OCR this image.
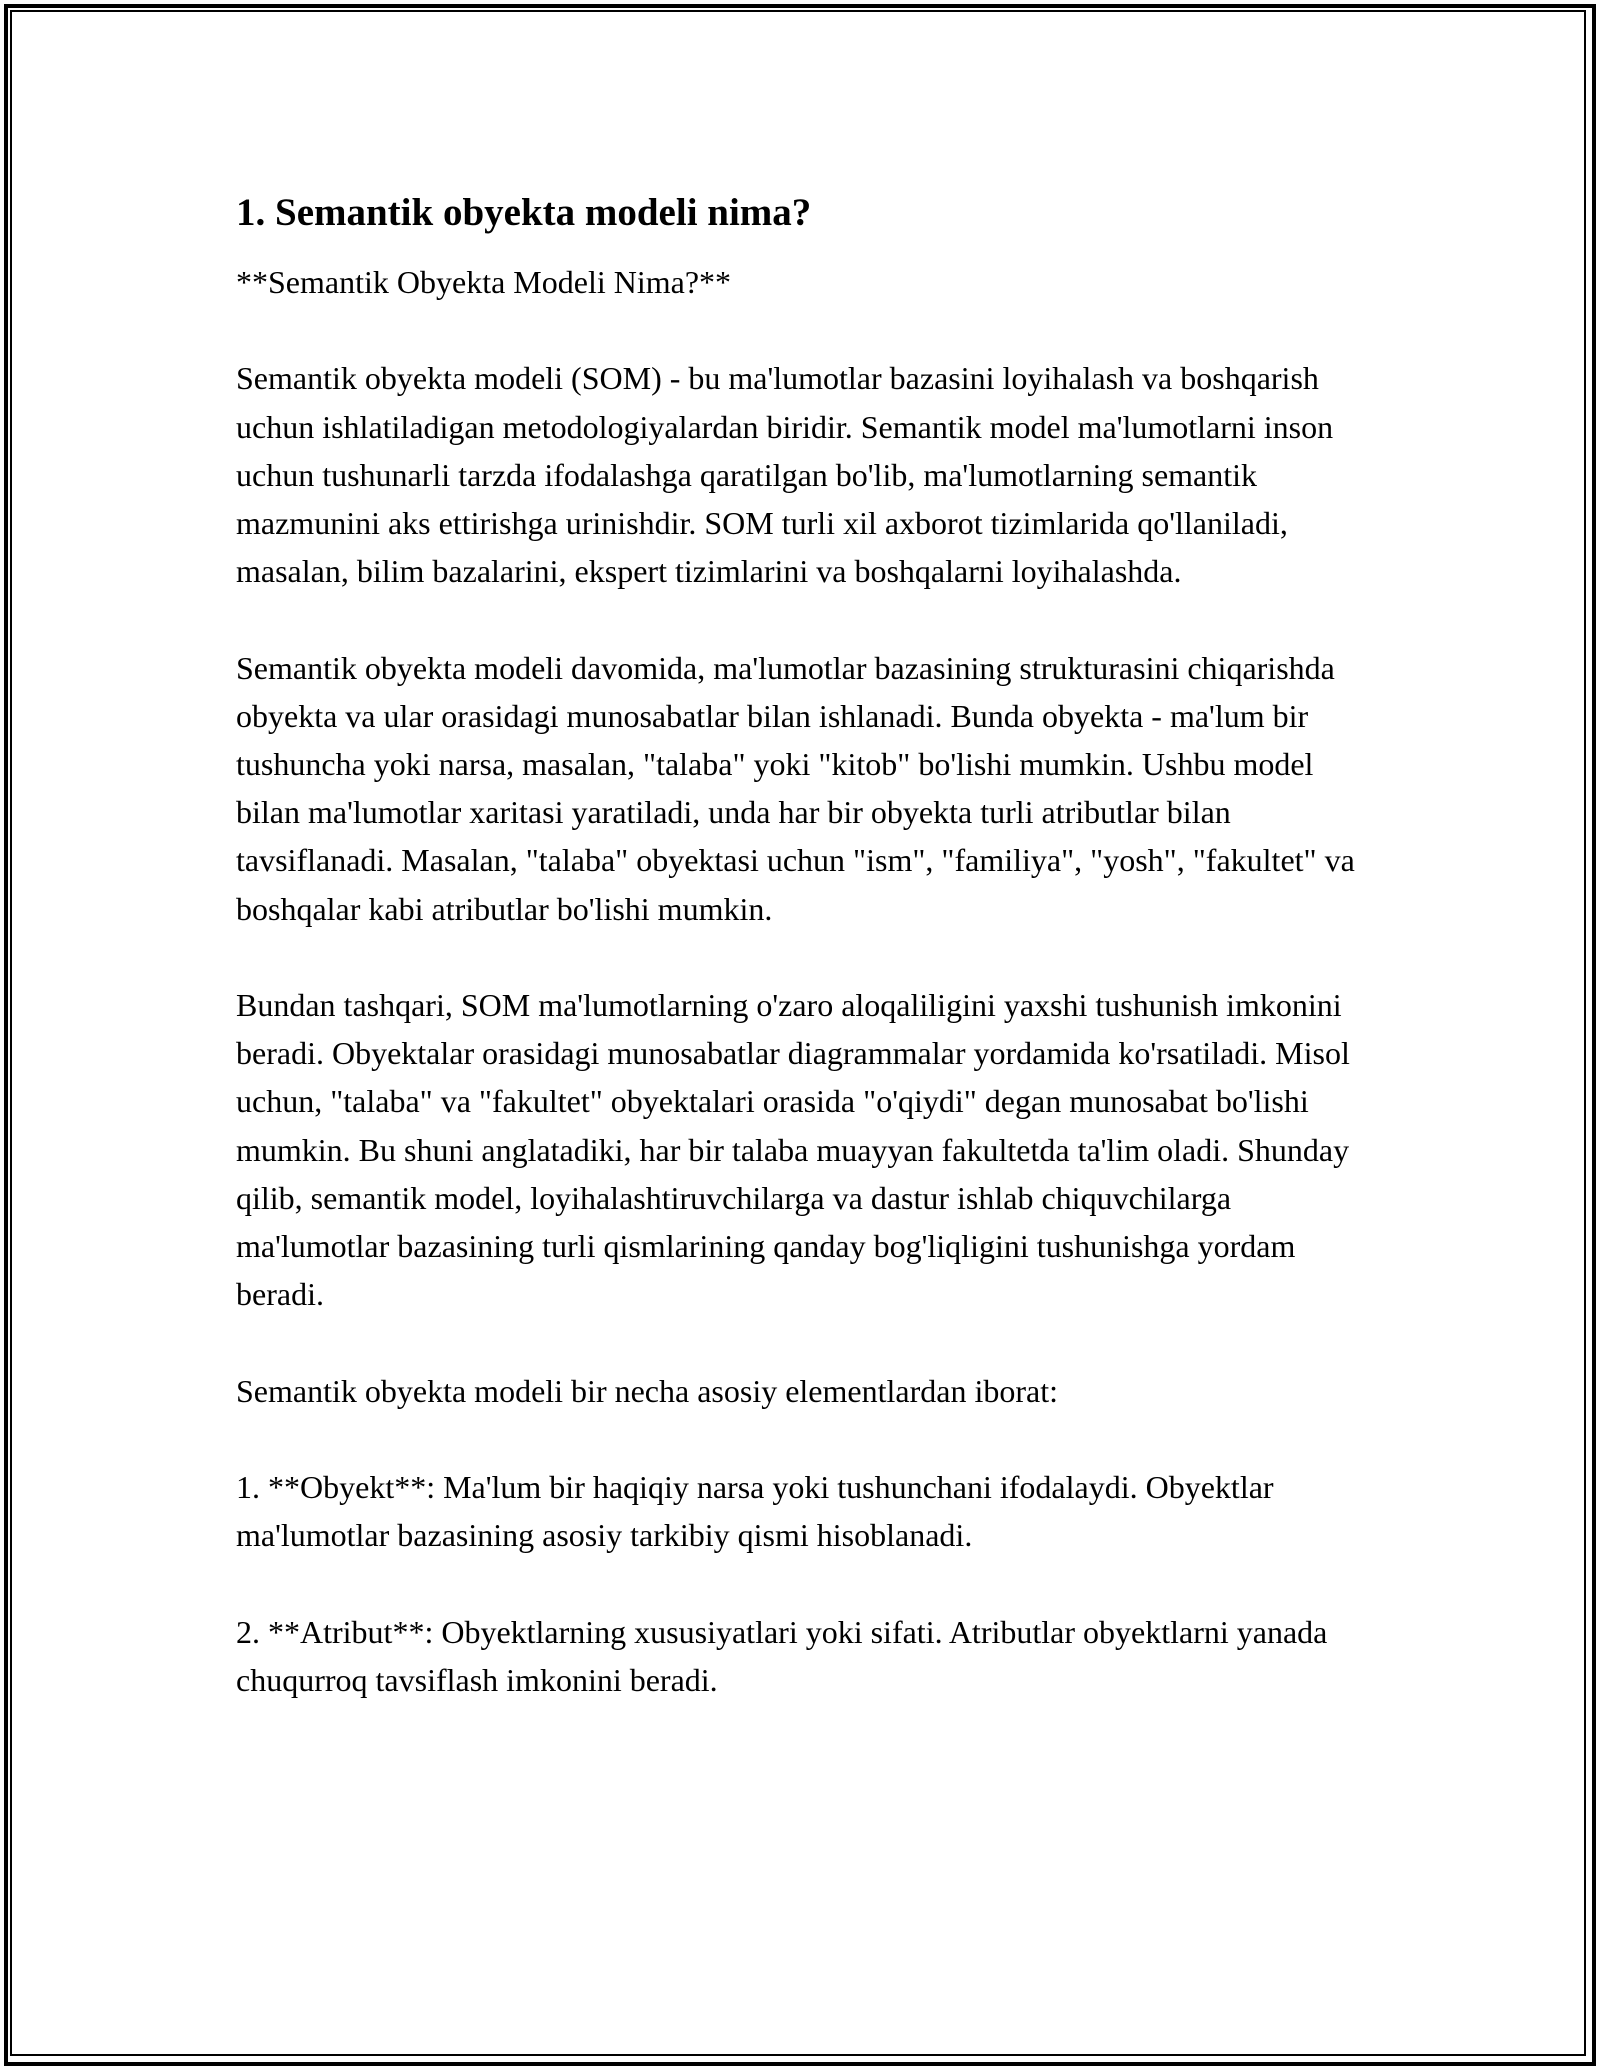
1. Semantik obyekta modeli nima?

**Semantik Obyekta Modeli Nima?**

Semantik obyekta modeli (SOM) - bu ma'lumotlar bazasini loyihalash va boshqarish uchun ishlatiladigan metodologiyalardan biridir. Semantik model ma'lumotlarni inson uchun tushunarli tarzda ifodalashga qaratilgan bo'lib, ma'lumotlarning semantik mazmunini aks ettirishga urinishdir. SOM turli xil axborot tizimlarida qo'llaniladi, masalan, bilim bazalarini, ekspert tizimlarini va boshqalarni loyihalashda.

Semantik obyekta modeli davomida, ma'lumotlar bazasining strukturasini chiqarishda obyekta va ular orasidagi munosabatlar bilan ishlanadi. Bunda obyekta - ma'lum bir tushuncha yoki narsa, masalan, "talaba" yoki "kitob" bo'lishi mumkin. Ushbu model bilan ma'lumotlar xaritasi yaratiladi, unda har bir obyekta turli atributlar bilan tavsiflanadi. Masalan, "talaba" obyektasi uchun "ism", "familiya", "yosh", "fakultet" va boshqalar kabi atributlar bo'lishi mumkin.

Bundan tashqari, SOM ma'lumotlarning o'zaro aloqaliligini yaxshi tushunish imkonini beradi. Obyektalar orasidagi munosabatlar diagrammalar yordamida ko'rsatiladi. Misol uchun, "talaba" va "fakultet" obyektalari orasida "o'qiydi" degan munosabat bo'lishi mumkin. Bu shuni anglatadiki, har bir talaba muayyan fakultetda ta'lim oladi. Shunday qilib, semantik model, loyihalashtiruvchilarga va dastur ishlab chiquvchilarga ma'lumotlar bazasining turli qismlarining qanday bog'liqligini tushunishga yordam beradi.

Semantik obyekta modeli bir necha asosiy elementlardan iborat:

1. **Obyekt**: Ma'lum bir haqiqiy narsa yoki tushunchani ifodalaydi. Obyektlar ma'lumotlar bazasining asosiy tarkibiy qismi hisoblanadi.

2. **Atribut**: Obyektlarning xususiyatlari yoki sifati. Atributlar obyektlarni yanada chuqurroq tavsiflash imkonini beradi.
